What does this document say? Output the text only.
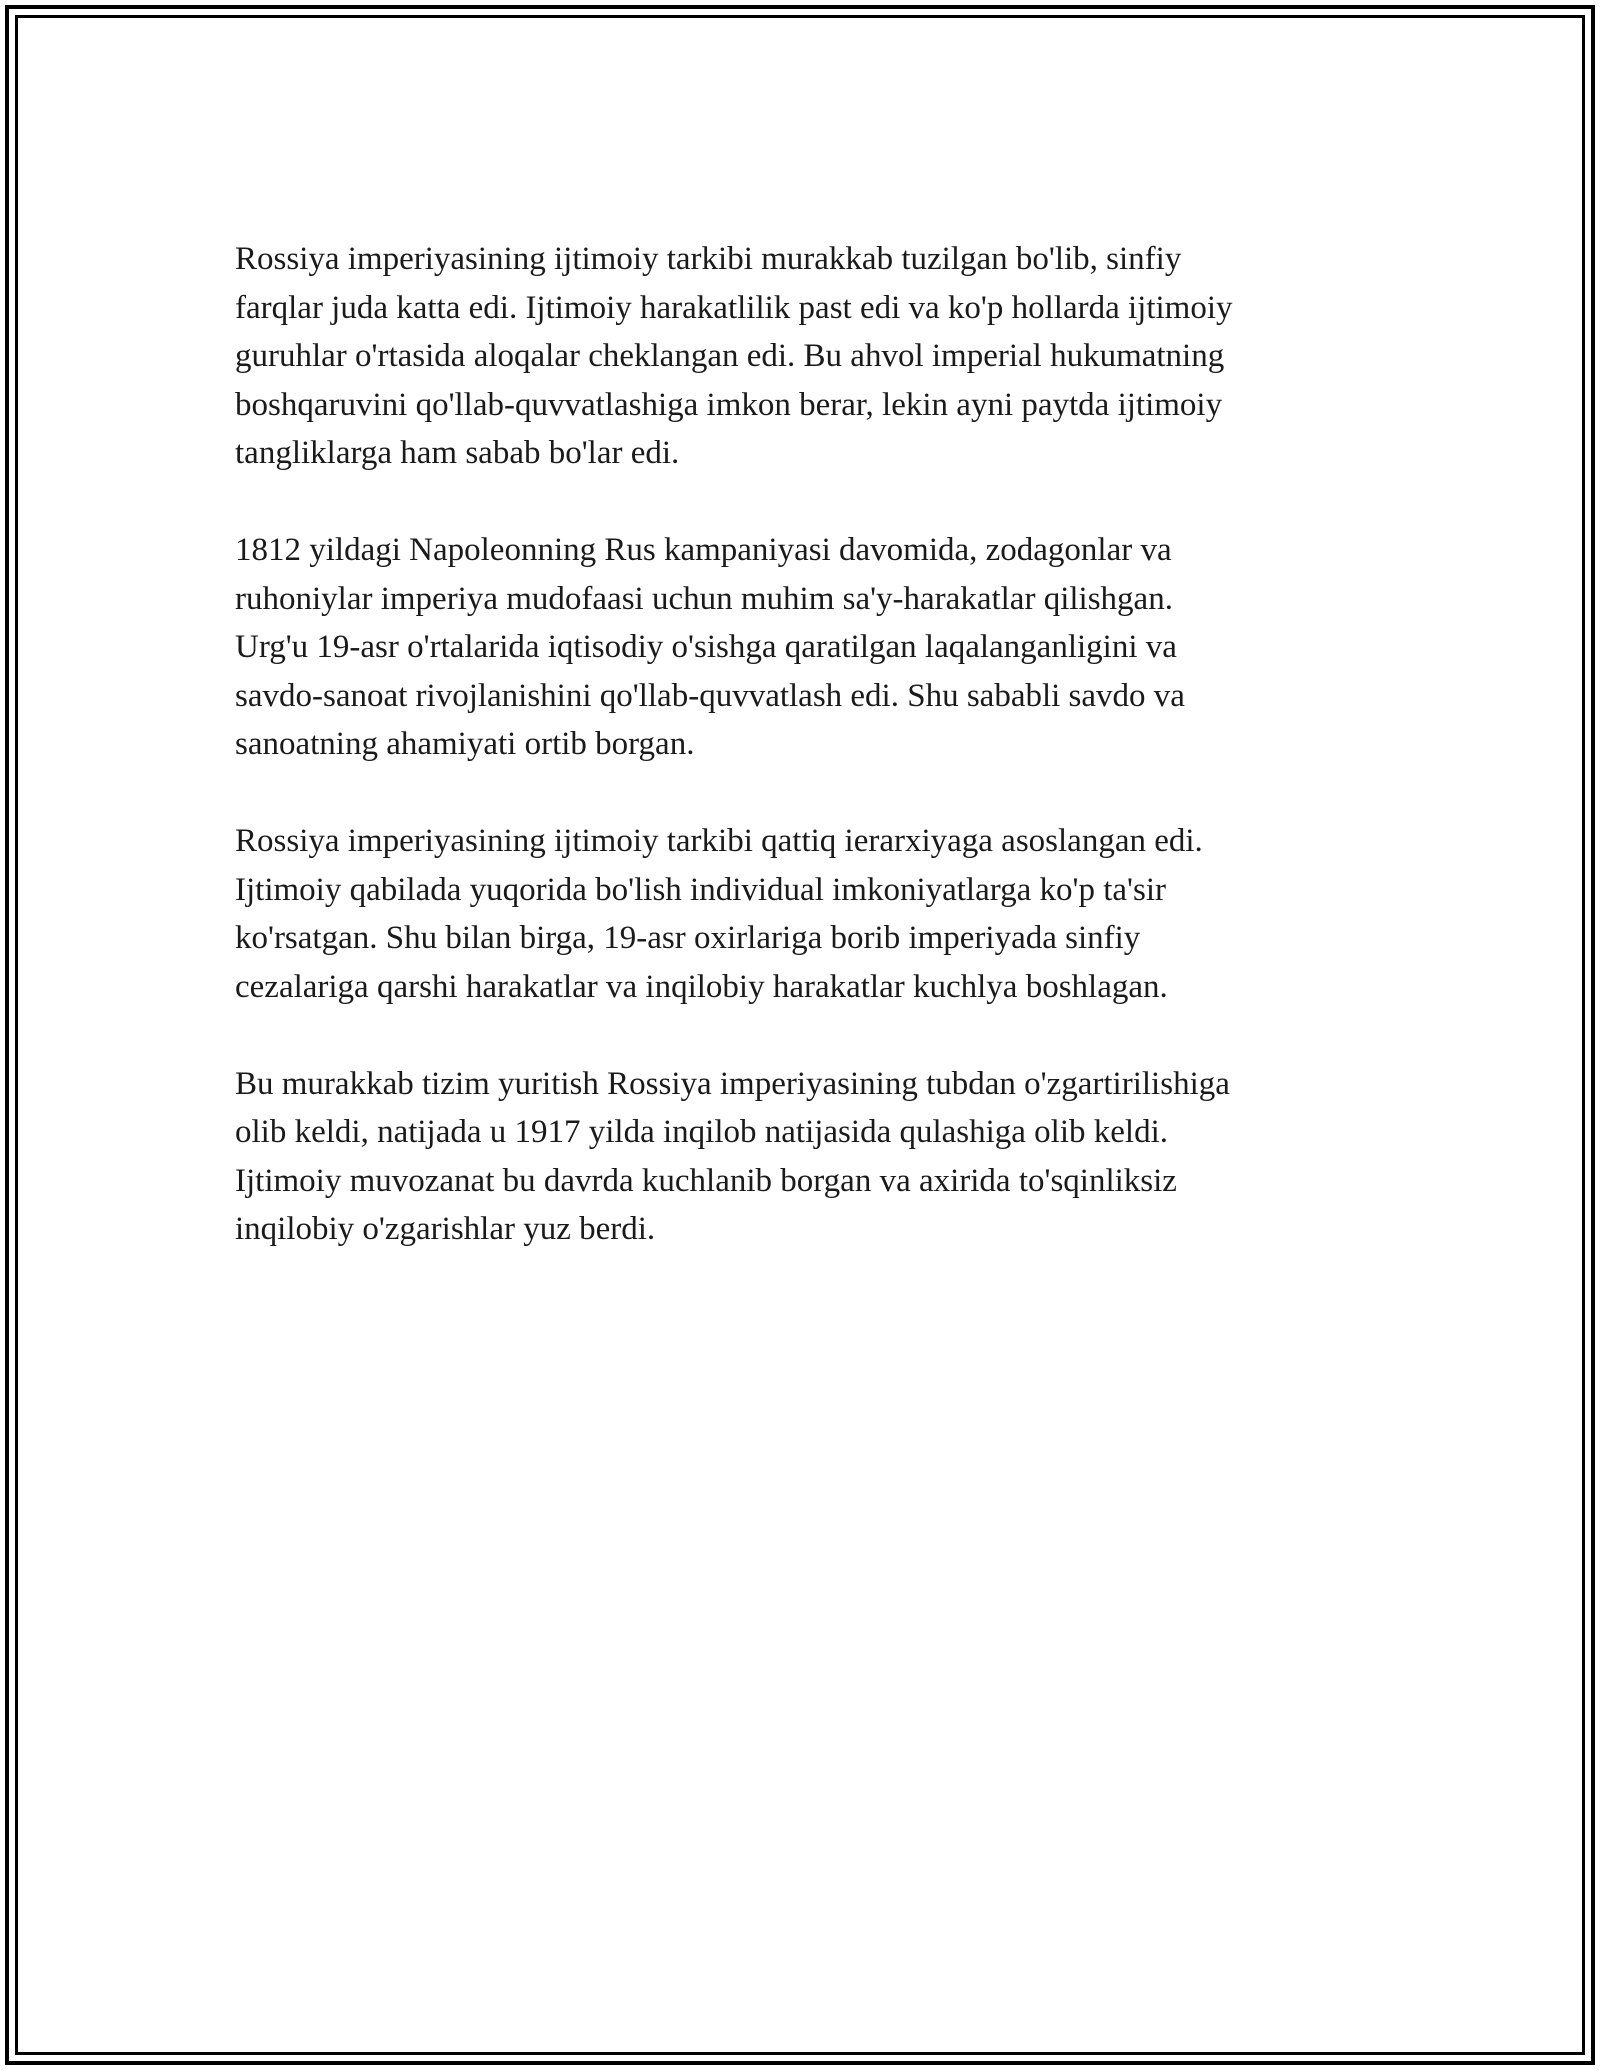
Rossiya imperiyasining ijtimoiy tarkibi murakkab tuzilgan bo'lib, sinfiy
farqlar juda katta edi. Ijtimoiy harakatlilik past edi va ko'p hollarda ijtimoiy
guruhlar o'rtasida aloqalar cheklangan edi. Bu ahvol imperial hukumatning
boshqaruvini qo'llab-quvvatlashiga imkon berar, lekin ayni paytda ijtimoiy
tangliklarga ham sabab bo'lar edi.

1812 yildagi Napoleonning Rus kampaniyasi davomida, zodagonlar va
ruhoniylar imperiya mudofaasi uchun muhim sa'y-harakatlar qilishgan.
Urg'u 19-asr o'rtalarida iqtisodiy o'sishga qaratilgan laqalanganligini va
savdo-sanoat rivojlanishini qo'llab-quvvatlash edi. Shu sababli savdo va
sanoatning ahamiyati ortib borgan.

Rossiya imperiyasining ijtimoiy tarkibi qattiq ierarxiyaga asoslangan edi.
Ijtimoiy qabilada yuqorida bo'lish individual imkoniyatlarga ko'p ta'sir
ko'rsatgan. Shu bilan birga, 19-asr oxirlariga borib imperiyada sinfiy
cezalariga qarshi harakatlar va inqilobiy harakatlar kuchlya boshlagan.

Bu murakkab tizim yuritish Rossiya imperiyasining tubdan o'zgartirilishiga
olib keldi, natijada u 1917 yilda inqilob natijasida qulashiga olib keldi.
Ijtimoiy muvozanat bu davrda kuchlanib borgan va axirida to'sqinliksiz
inqilobiy o'zgarishlar yuz berdi.
